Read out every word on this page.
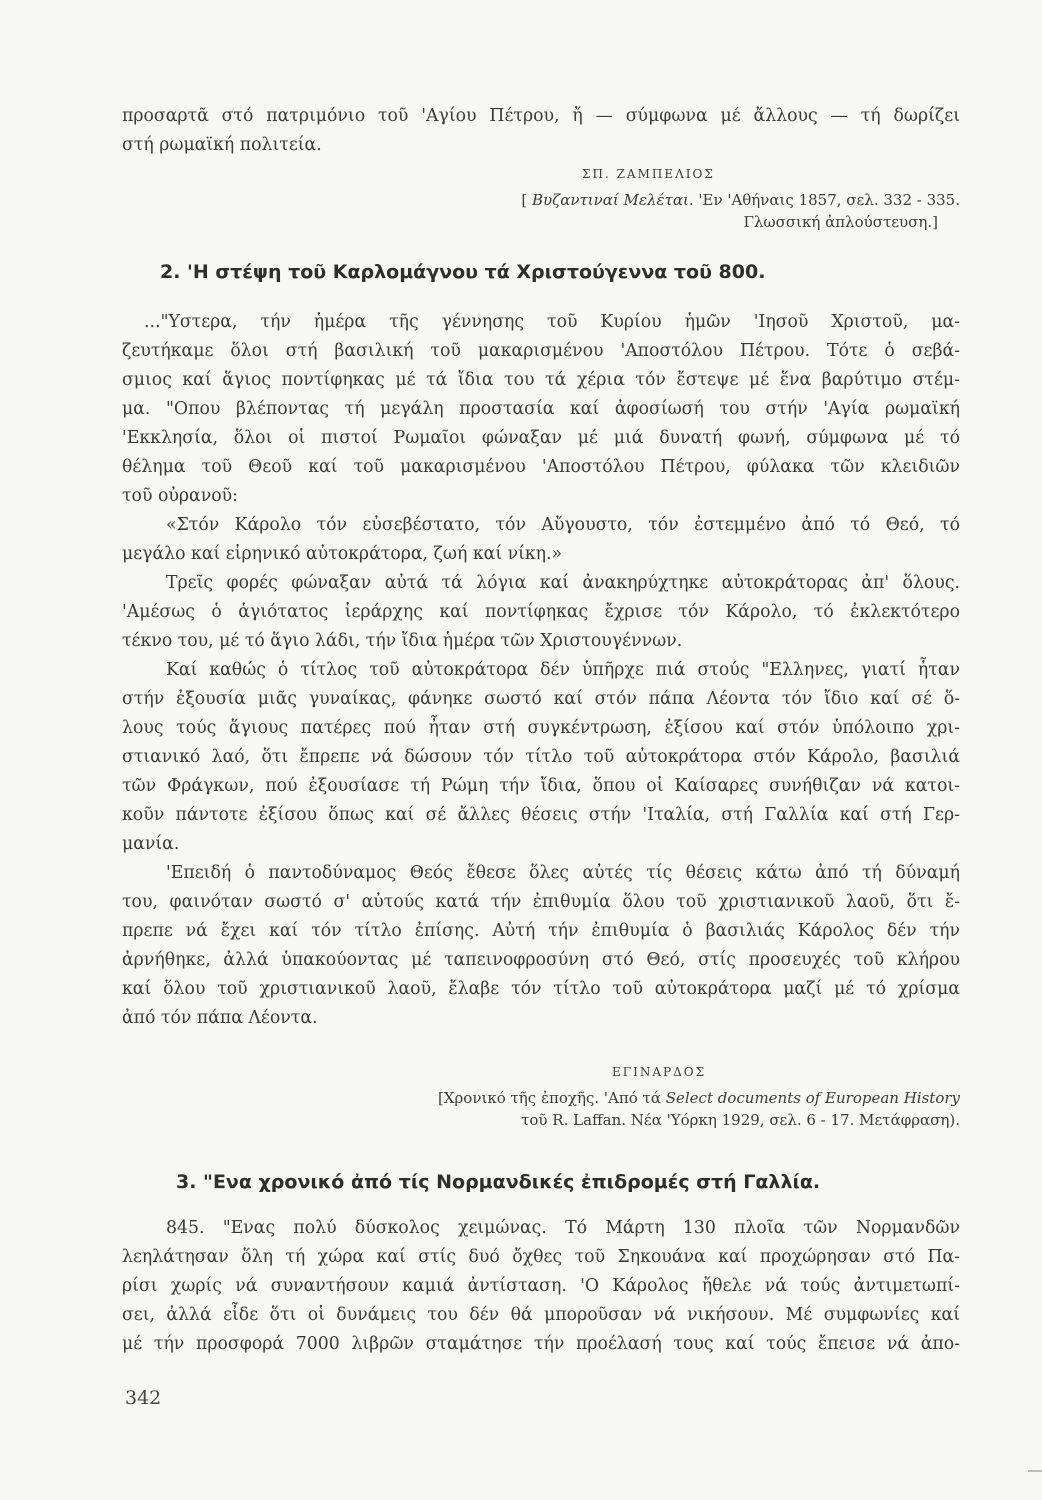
προσαρτᾶ στό πατριμόνιο τοῦ 'Αγίου Πέτρου, ἤ — σύμφωνα μέ ἄλλους — τή δωρίζει
στή ρωμαϊκή πολιτεία.
ΣΠ. ΖΑΜΠΕΛΙΟΣ

[ Βυζαντιναί Μελέται. 'Εν 'Αθήναις 1857, σελ. 332 - 335.

Γλωσσική ἀπλούστευση.]

2. 'Η στέψη τοῦ Καρλομάγνου τά Χριστούγεννα τοῦ 800.

..."Υστερα, τήν ἡμέρα τῆς γέννησης τοῦ Κυρίου ἡμῶν 'Ιησοῦ Χριστοῦ, μα-
ζευτήκαμε ὅλοι στή βασιλική τοῦ μακαρισμένου 'Αποστόλου Πέτρου. Τότε ὁ σεβά-
σμιος καί ἅγιος ποντίφηκας μέ τά ἴδια του τά χέρια τόν ἔστεψε μέ ἕνα βαρύτιμο στέμ-
μα. "Οπου βλέποντας τή μεγάλη προστασία καί ἀφοσίωσή του στήν 'Αγία ρωμαϊκή
'Εκκλησία, ὅλοι οἱ πιστοί Ρωμαῖοι φώναξαν μέ μιά δυνατή φωνή, σύμφωνα μέ τό
θέλημα τοῦ Θεοῦ καί τοῦ μακαρισμένου 'Αποστόλου Πέτρου, φύλακα τῶν κλειδιῶν
τοῦ οὐρανοῦ:
«Στόν Κάρολο τόν εὐσεβέστατο, τόν Αὔγουστο, τόν ἐστεμμένο ἀπό τό Θεό, τό
μεγάλο καί εἰρηνικό αὐτοκράτορα, ζωή καί νίκη.»
Τρεῖς φορές φώναξαν αὐτά τά λόγια καί ἀνακηρύχτηκε αὐτοκράτορας ἀπ' ὅλους.
'Αμέσως ὁ ἁγιότατος ἱεράρχης καί ποντίφηκας ἔχρισε τόν Κάρολο, τό ἐκλεκτότερο
τέκνο του, μέ τό ἅγιο λάδι, τήν ἴδια ἡμέρα τῶν Χριστουγέννων.
Καί καθώς ὁ τίτλος τοῦ αὐτοκράτορα δέν ὑπῆρχε πιά στούς "Ελληνες, γιατί ἦταν
στήν ἐξουσία μιᾶς γυναίκας, φάνηκε σωστό καί στόν πάπα Λέοντα τόν ἴδιο καί σέ ὅ-
λους τούς ἅγιους πατέρες πού ἦταν στή συγκέντρωση, ἐξίσου καί στόν ὑπόλοιπο χρι-
στιανικό λαό, ὅτι ἔπρεπε νά δώσουν τόν τίτλο τοῦ αὐτοκράτορα στόν Κάρολο, βασιλιά
τῶν Φράγκων, πού ἐξουσίασε τή Ρώμη τήν ἴδια, ὅπου οἱ Καίσαρες συνήθιζαν νά κατοι-
κοῦν πάντοτε ἐξίσου ὅπως καί σέ ἄλλες θέσεις στήν 'Ιταλία, στή Γαλλία καί στή Γερ-
μανία.
'Επειδή ὁ παντοδύναμος Θεός ἔθεσε ὅλες αὐτές τίς θέσεις κάτω ἀπό τή δύναμή
του, φαινόταν σωστό σ' αὐτούς κατά τήν ἐπιθυμία ὅλου τοῦ χριστιανικοῦ λαοῦ, ὅτι ἔ-
πρεπε νά ἔχει καί τόν τίτλο ἐπίσης. Αὐτή τήν ἐπιθυμία ὁ βασιλιάς Κάρολος δέν τήν
ἀρνήθηκε, ἀλλά ὑπακούοντας μέ ταπεινοφροσύνη στό Θεό, στίς προσευχές τοῦ κλήρου
καί ὅλου τοῦ χριστιανικοῦ λαοῦ, ἔλαβε τόν τίτλο τοῦ αὐτοκράτορα μαζί μέ τό χρίσμα
ἀπό τόν πάπα Λέοντα.
ΕΓΙΝΑΡΔΟΣ

[Χρονικό τῆς ἐποχῆς. 'Από τά Select documents of European History

τοῦ R. Laffan. Νέα 'Υόρκη 1929, σελ. 6 - 17. Μετάφραση).

3. "Ενα χρονικό ἀπό τίς Νορμανδικές ἐπιδρομές στή Γαλλία.

845. "Ενας πολύ δύσκολος χειμώνας. Τό Μάρτη 130 πλοῖα τῶν Νορμανδῶν
λεηλάτησαν ὅλη τή χώρα καί στίς δυό ὄχθες τοῦ Σηκουάνα καί προχώρησαν στό Πα-
ρίσι χωρίς νά συναντήσουν καμιά ἀντίσταση. 'Ο Κάρολος ἤθελε νά τούς ἀντιμετωπί-
σει, ἀλλά εἶδε ὅτι οἱ δυνάμεις του δέν θά μποροῦσαν νά νικήσουν. Μέ συμφωνίες καί
μέ τήν προσφορά 7000 λιβρῶν σταμάτησε τήν προέλασή τους καί τούς ἔπεισε νά ἀπο-
342
